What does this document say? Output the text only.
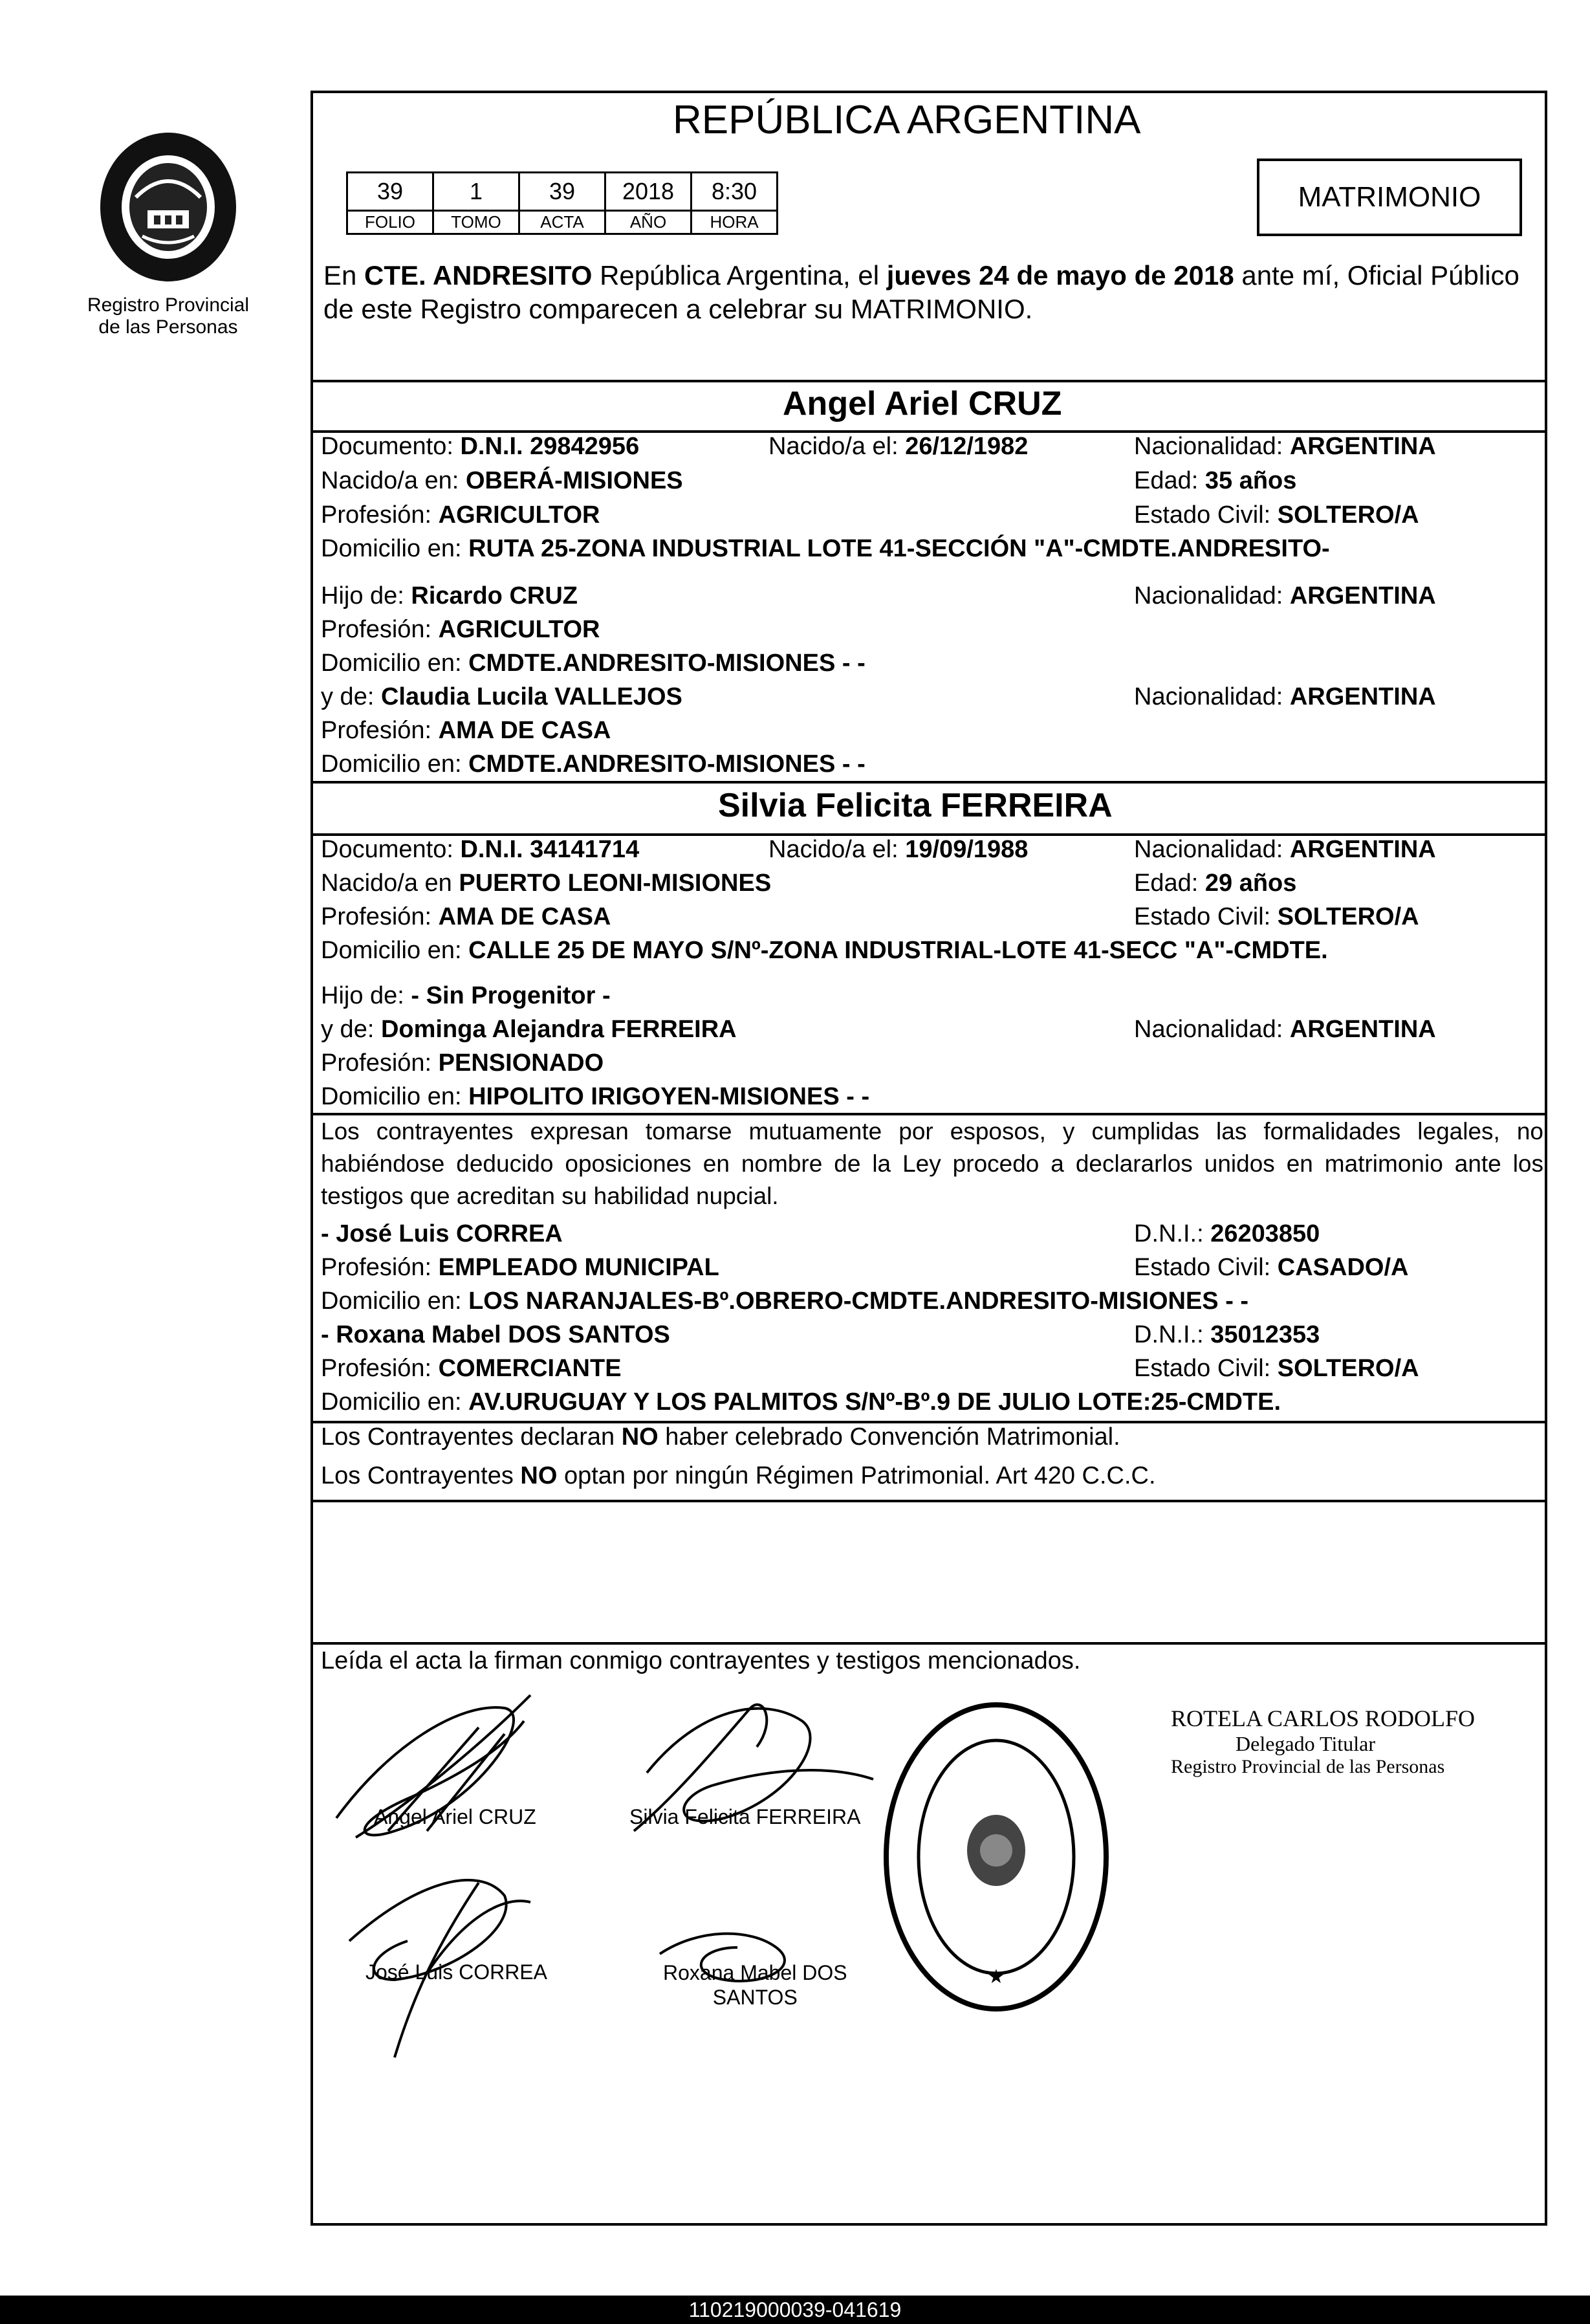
Registro Provincial
de las Personas
REPÚBLICA ARGENTINA
39	1	39	2018	8:30
FOLIO	TOMO	ACTA	AÑO	HORA
MATRIMONIO
En CTE. ANDRESITO República Argentina, el jueves 24 de mayo de 2018 ante mí, Oficial Público de este Registro comparecen a celebrar su MATRIMONIO.
Angel Ariel CRUZ
Documento: D.N.I. 29842956	Nacido/a el: 26/12/1982	Nacionalidad: ARGENTINA
Nacido/a en: OBERÁ-MISIONES	Edad: 35 años
Profesión: AGRICULTOR	Estado Civil: SOLTERO/A
Domicilio en: RUTA 25-ZONA INDUSTRIAL LOTE 41-SECCIÓN "A"-CMDTE.ANDRESITO-
Hijo de: Ricardo CRUZ	Nacionalidad: ARGENTINA
Profesión: AGRICULTOR
Domicilio en: CMDTE.ANDRESITO-MISIONES - -
y de: Claudia Lucila VALLEJOS	Nacionalidad: ARGENTINA
Profesión: AMA DE CASA
Domicilio en: CMDTE.ANDRESITO-MISIONES - -
Silvia Felicita FERREIRA
Documento: D.N.I. 34141714	Nacido/a el: 19/09/1988	Nacionalidad: ARGENTINA
Nacido/a en PUERTO LEONI-MISIONES	Edad: 29 años
Profesión: AMA DE CASA	Estado Civil: SOLTERO/A
Domicilio en: CALLE 25 DE MAYO S/Nº-ZONA INDUSTRIAL-LOTE 41-SECC "A"-CMDTE.
Hijo de: - Sin Progenitor -
y de: Dominga Alejandra FERREIRA	Nacionalidad: ARGENTINA
Profesión: PENSIONADO
Domicilio en: HIPOLITO IRIGOYEN-MISIONES - -
Los contrayentes expresan tomarse mutuamente por esposos, y cumplidas las formalidades legales, no habiéndose deducido oposiciones en nombre de la Ley procedo a declararlos unidos en matrimonio ante los testigos que acreditan su habilidad nupcial.
- José Luis CORREA	D.N.I.: 26203850
Profesión: EMPLEADO MUNICIPAL	Estado Civil: CASADO/A
Domicilio en: LOS NARANJALES-Bº.OBRERO-CMDTE.ANDRESITO-MISIONES - -
- Roxana Mabel DOS SANTOS	D.N.I.: 35012353
Profesión: COMERCIANTE	Estado Civil: SOLTERO/A
Domicilio en: AV.URUGUAY Y LOS PALMITOS S/Nº-Bº.9 DE JULIO LOTE:25-CMDTE.
Los Contrayentes declaran NO haber celebrado Convención Matrimonial.
Los Contrayentes NO optan por ningún Régimen Patrimonial. Art 420 C.C.C.
Leída el acta la firman conmigo contrayentes y testigos mencionados.
Angel Ariel CRUZ	Silvia Felicita FERREIRA
José Luis CORREA	Roxana Mabel DOS
SANTOS
★
ROTELA CARLOS RODOLFO
Delegado Titular
Registro Provincial de las Personas
110219000039-041619
